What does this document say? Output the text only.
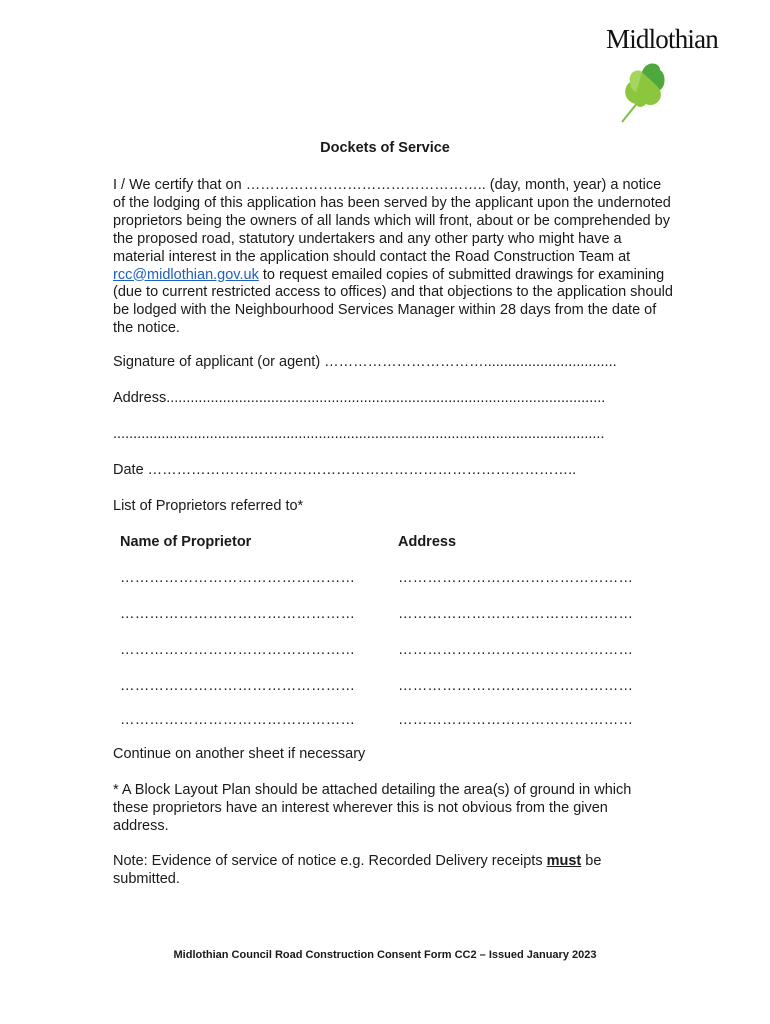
Midlothian
Dockets of Service
I / We certify that on ………………………………………….. (day, month, year) a notice of the lodging of this application has been served by the applicant upon the undernoted proprietors being the owners of all lands which will front, about or be comprehended by the proposed road, statutory undertakers and any other party who might have a material interest in the application should contact the Road Construction Team at rcc@midlothian.gov.uk to request emailed copies of submitted drawings for examining (due to current restricted access to offices) and that objections to the application should be lodged with the Neighbourhood Services Manager within 28 days from the date of the notice.
Signature of applicant (or agent) …………………………….................................
Address.............................................................................................................
..........................................................................................................................
Date ……………………………………………………………………………..
List of Proprietors referred to*
Name of Proprietor	Address
…………………………………………	…………………………………………
…………………………………………	…………………………………………
…………………………………………	…………………………………………
…………………………………………	…………………………………………
…………………………………………	…………………………………………
Continue on another sheet if necessary
* A Block Layout Plan should be attached detailing the area(s) of ground in which these proprietors have an interest wherever this is not obvious from the given address.
Note: Evidence of service of notice e.g. Recorded Delivery receipts must be submitted.
Midlothian Council Road Construction Consent Form CC2 – Issued January 2023
